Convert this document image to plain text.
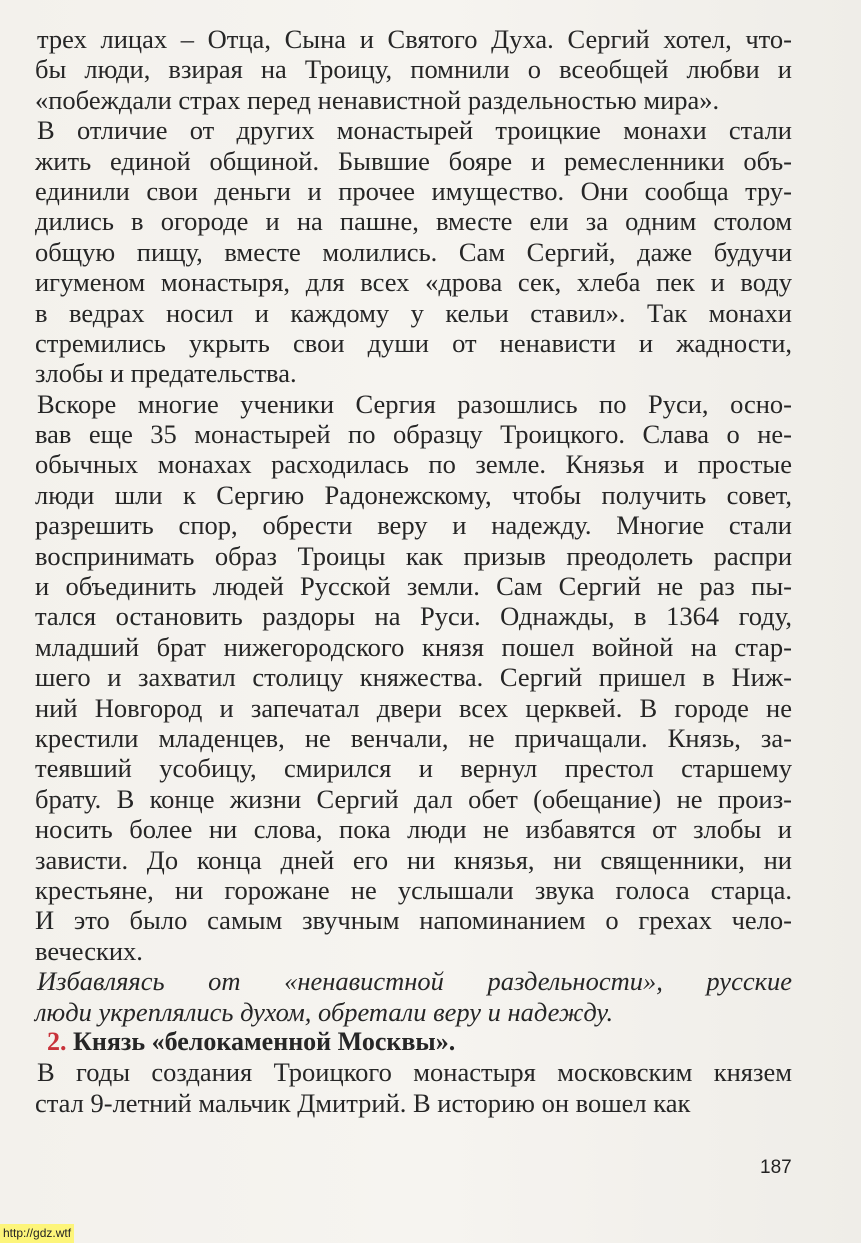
трех лицах – Отца, Сына и Святого Духа. Сергий хотел, что-
бы люди, взирая на Троицу, помнили о всеобщей любви и
«побеждали страх перед ненавистной раздельностью мира».
В отличие от других монастырей троицкие монахи стали
жить единой общиной. Бывшие бояре и ремесленники объ-
единили свои деньги и прочее имущество. Они сообща тру-
дились в огороде и на пашне, вместе ели за одним столом
общую пищу, вместе молились. Сам Сергий, даже будучи
игуменом монастыря, для всех «дрова сек, хлеба пек и воду
в ведрах носил и каждому у кельи ставил». Так монахи
стремились укрыть свои души от ненависти и жадности,
злобы и предательства.
Вскоре многие ученики Сергия разошлись по Руси, осно-
вав еще 35 монастырей по образцу Троицкого. Слава о не-
обычных монахах расходилась по земле. Князья и простые
люди шли к Сергию Радонежскому, чтобы получить совет,
разрешить спор, обрести веру и надежду. Многие стали
воспринимать образ Троицы как призыв преодолеть распри
и объединить людей Русской земли. Сам Сергий не раз пы-
тался остановить раздоры на Руси. Однажды, в 1364 году,
младший брат нижегородского князя пошел войной на стар-
шего и захватил столицу княжества. Сергий пришел в Ниж-
ний Новгород и запечатал двери всех церквей. В городе не
крестили младенцев, не венчали, не причащали. Князь, за-
теявший усобицу, смирился и вернул престол старшему
брату. В конце жизни Сергий дал обет (обещание) не произ-
носить более ни слова, пока люди не избавятся от злобы и
зависти. До конца дней его ни князья, ни священники, ни
крестьяне, ни горожане не услышали звука голоса старца.
И это было самым звучным напоминанием о грехах чело-
веческих.
Избавляясь от «ненавистной раздельности», русские
люди укреплялись духом, обретали веру и надежду.
2. Князь «белокаменной Москвы».
В годы создания Троицкого монастыря московским князем
стал 9-летний мальчик Дмитрий. В историю он вошел как
187
http://gdz.wtf
